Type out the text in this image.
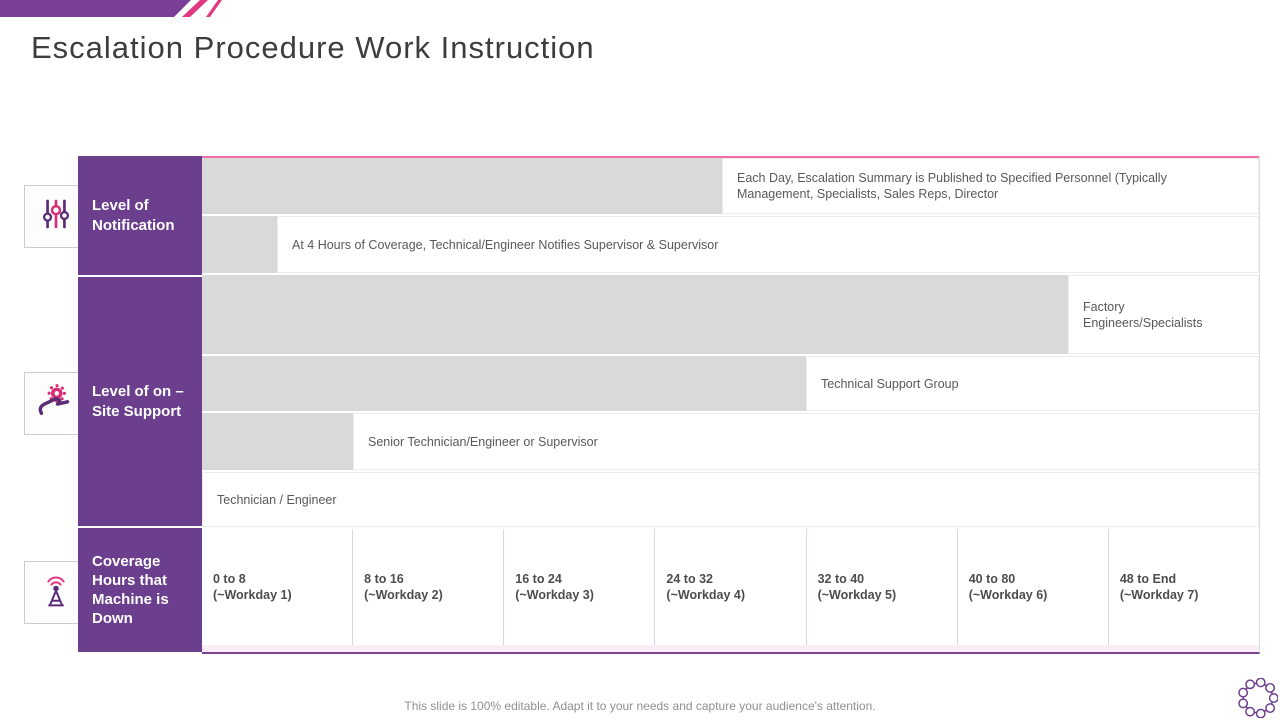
Escalation Procedure Work Instruction
Level of Notification
Level of on – Site Support
Coverage Hours that Machine is Down
Each Day, Escalation Summary is Published to Specified Personnel (Typically Management, Specialists, Sales Reps, Director
At 4 Hours of Coverage, Technical/Engineer Notifies Supervisor & Supervisor
Factory Engineers/Specialists
Technical Support Group
Senior Technician/Engineer or Supervisor
Technician / Engineer
0 to 8
(~Workday 1)
8 to 16
(~Workday 2)
16 to 24
(~Workday 3)
24 to 32
(~Workday 4)
32 to 40
(~Workday 5)
40 to 80
(~Workday 6)
48 to End
(~Workday 7)
This slide is 100% editable. Adapt it to your needs and capture your audience's attention.
